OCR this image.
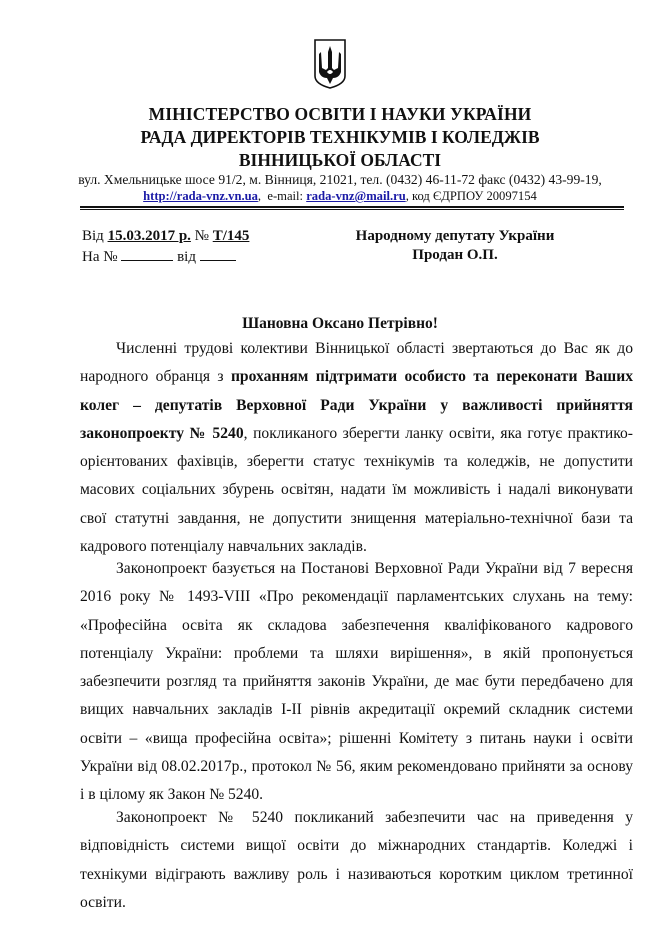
МІНІСТЕРСТВО ОСВІТИ І НАУКИ УКРАЇНИ
РАДА ДИРЕКТОРІВ ТЕХНІКУМІВ І КОЛЕДЖІВ
ВІННИЦЬКОЇ ОБЛАСТІ
вул. Хмельницьке шосе 91/2, м. Вінниця, 21021, тел. (0432) 46-11-72 факс (0432) 43-99-19,
http://rada-vnz.vn.ua,  e-mail: rada-vnz@mail.ru, код ЄДРПОУ 20097154
Від 15.03.2017 р. № Т/145
На №	від
Народному депутату України
Продан О.П.
Шановна Оксано Петрівно!

Численні трудові колективи Вінницької області звертаються до Вас як до народного обранця з проханням підтримати особисто та переконати Ваших колег – депутатів Верховної Ради України у важливості прийняття законопроекту № 5240, покликаного зберегти ланку освіти, яка готує практико-орієнтованих фахівців, зберегти статус технікумів та коледжів, не допустити масових соціальних збурень освітян, надати їм можливість і надалі виконувати свої статутні завдання, не допустити знищення матеріально-технічної бази та кадрового потенціалу навчальних закладів.

Законопроект базується на Постанові Верховної Ради України від 7 вересня 2016 року № 1493-VIII «Про рекомендації парламентських слухань на тему: «Професійна освіта як складова забезпечення кваліфікованого кадрового потенціалу України: проблеми та шляхи вирішення», в якій пропонується забезпечити розгляд та прийняття законів України, де має бути передбачено для вищих навчальних закладів І-ІІ рівнів акредитації окремий складник системи освіти – «вища професійна освіта»; рішенні Комітету з питань науки і освіти України від 08.02.2017р., протокол № 56, яким рекомендовано прийняти за основу і в цілому як Закон № 5240.

Законопроект № 5240 покликаний забезпечити час на приведення у відповідність системи вищої освіти до міжнародних стандартів. Коледжі і технікуми відіграють важливу роль і називаються коротким циклом третинної освіти.
